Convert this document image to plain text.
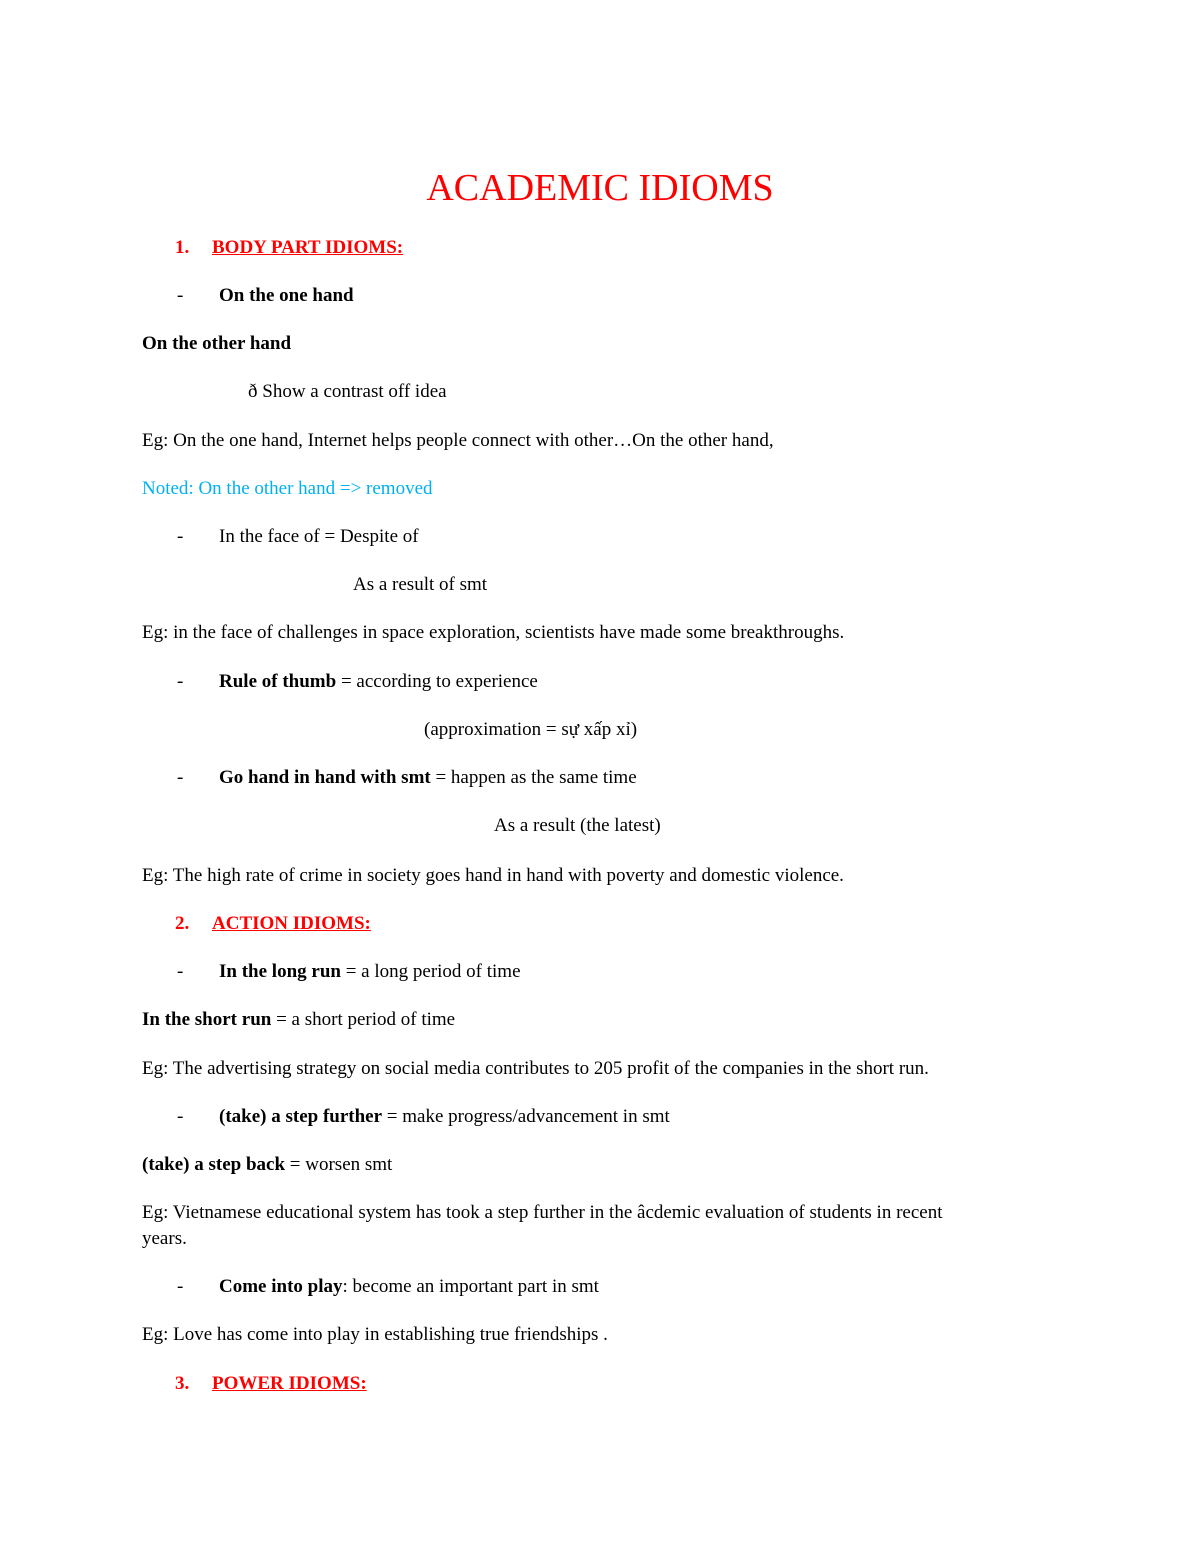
ACADEMIC IDIOMS
1.	BODY PART IDIOMS:
- On the one hand
On the other hand
ð Show a contrast off idea
Eg: On the one hand, Internet helps people connect with other…On the other hand,
Noted: On the other hand => removed
- In the face of = Despite of
As a result of smt
Eg: in the face of challenges in space exploration, scientists have made some breakthroughs.
- Rule of thumb = according to experience
(approximation = sự xấp xỉ)
- Go hand in hand with smt = happen as the same time
As a result (the latest)
Eg: The high rate of crime in society goes hand in hand with poverty and domestic violence.
2.	ACTION IDIOMS:
- In the long run = a long period of time
In the short run = a short period of time
Eg: The advertising strategy on social media contributes to 205 profit of the companies in the short run.
- (take) a step further = make progress/advancement in smt
(take) a step back = worsen smt
Eg: Vietnamese educational system has took a step further in the âcdemic evaluation of students in recent
years.
- Come into play: become an important part in smt
Eg: Love has come into play in establishing true friendships .
3.	POWER IDIOMS:
